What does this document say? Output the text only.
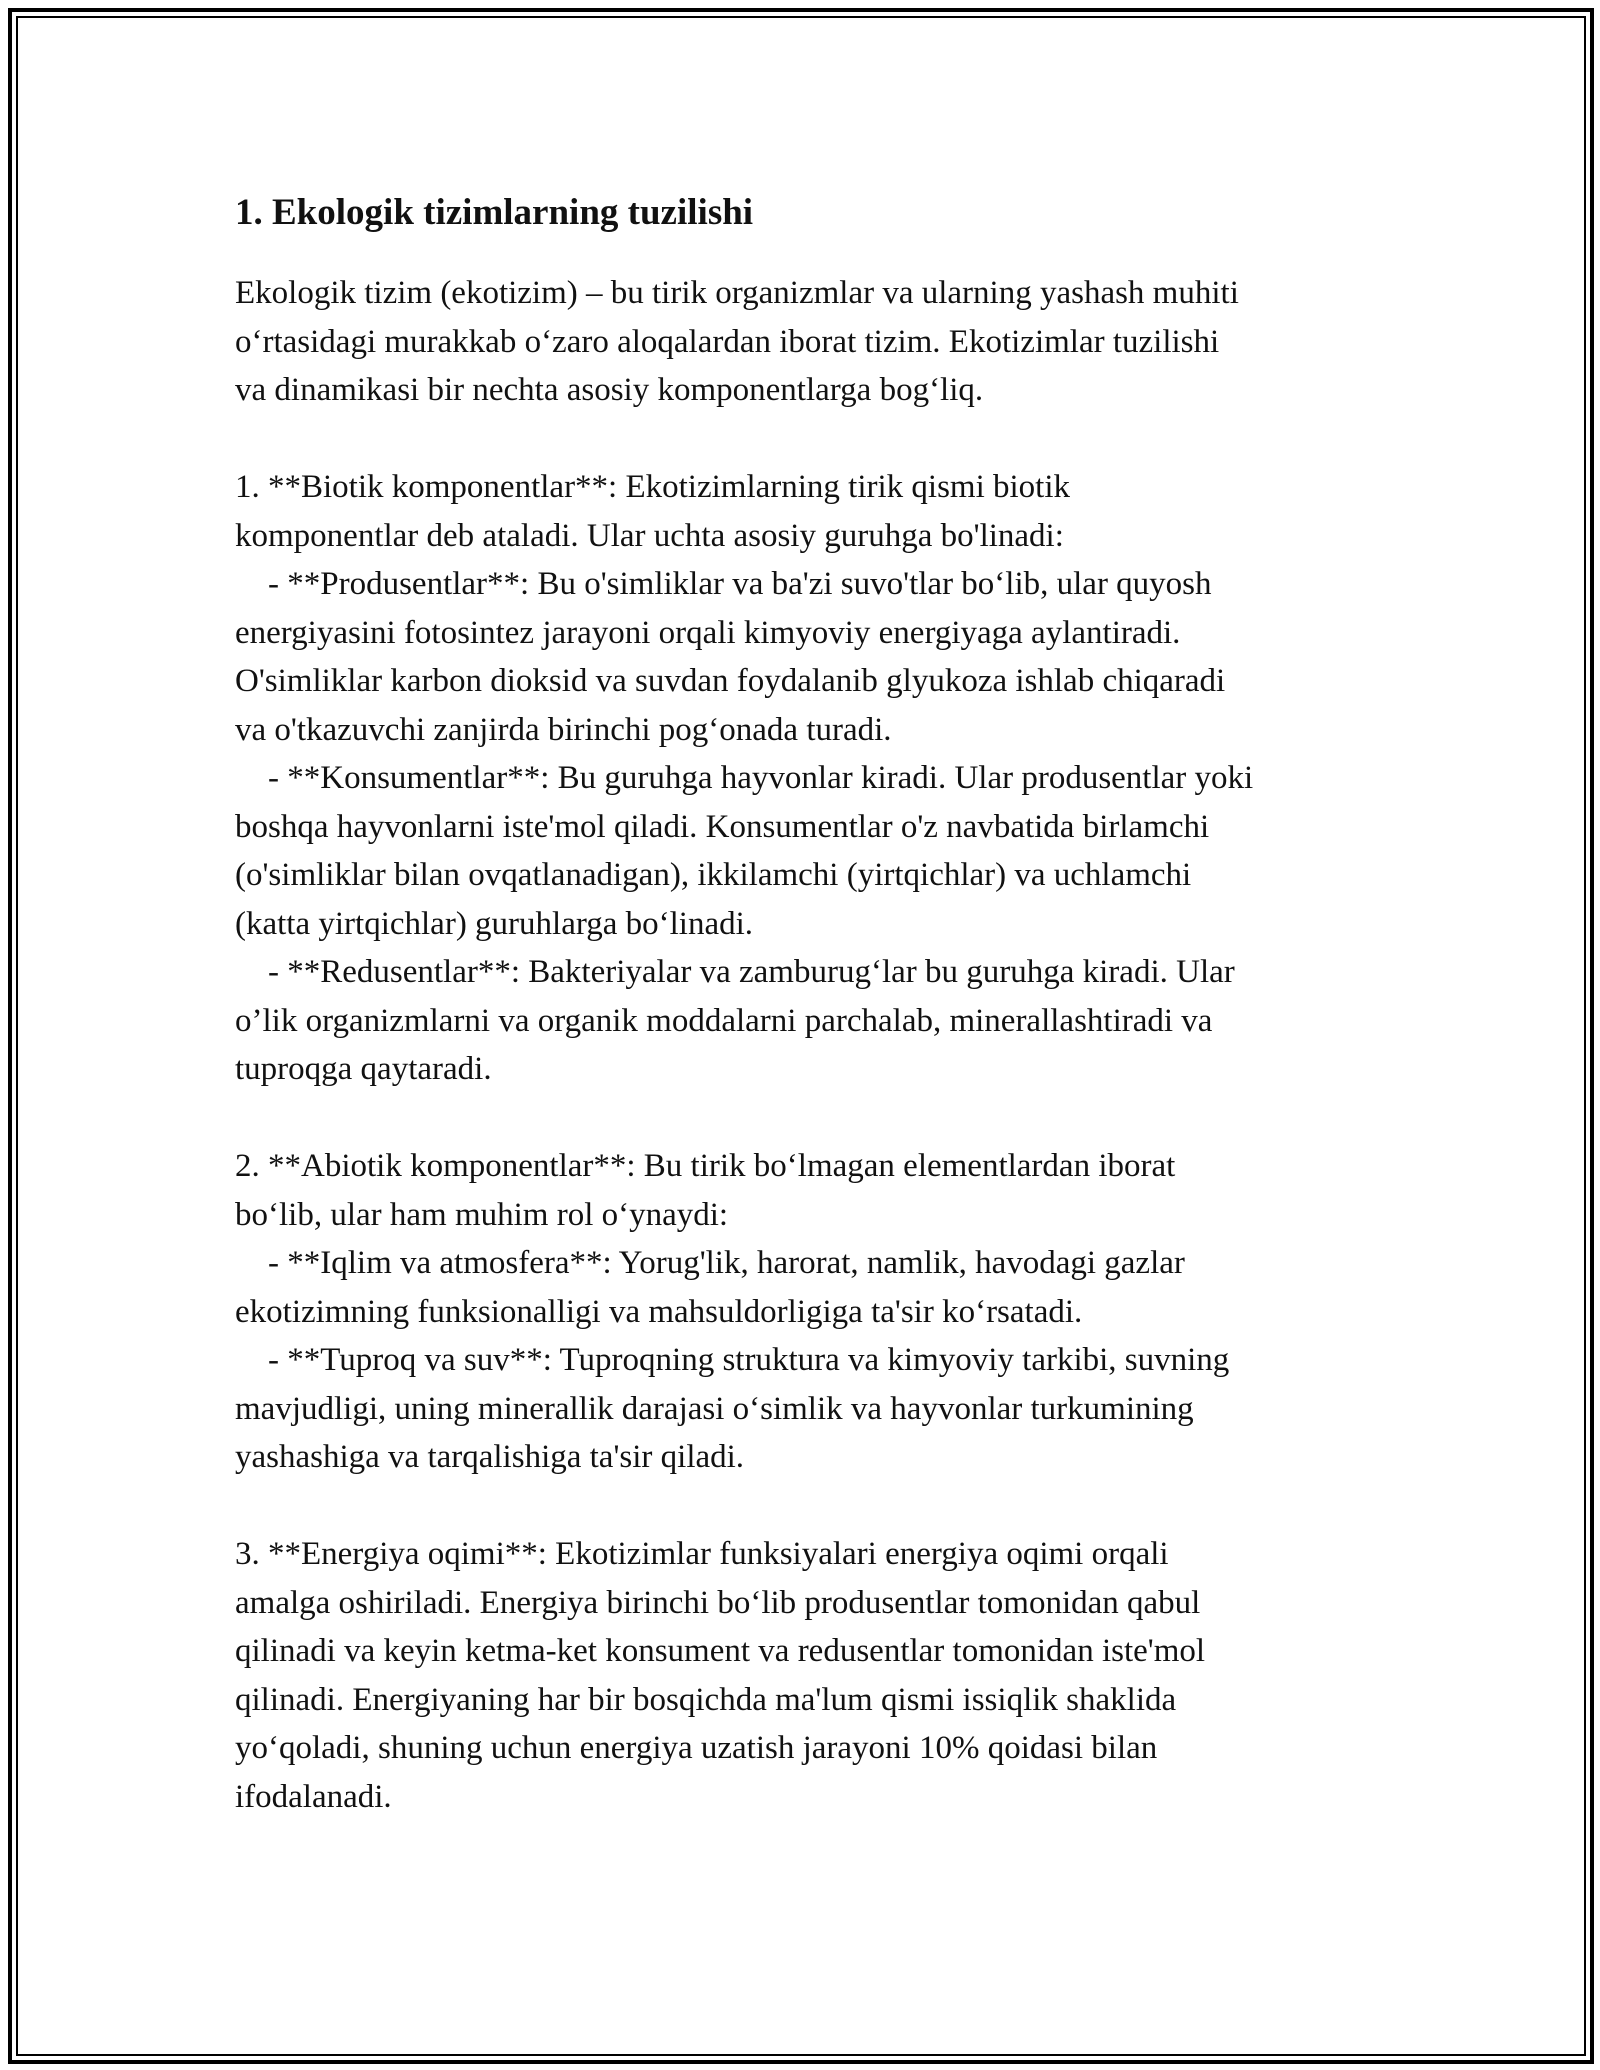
1. Ekologik tizimlarning tuzilishi
Ekologik tizim (ekotizim) – bu tirik organizmlar va ularning yashash muhiti
o‘rtasidagi murakkab o‘zaro aloqalardan iborat tizim. Ekotizimlar tuzilishi
va dinamikasi bir nechta asosiy komponentlarga bog‘liq.
1. **Biotik komponentlar**: Ekotizimlarning tirik qismi biotik
komponentlar deb ataladi. Ular uchta asosiy guruhga bo'linadi:
- **Produsentlar**: Bu o'simliklar va ba'zi suvo'tlar bo‘lib, ular quyosh
energiyasini fotosintez jarayoni orqali kimyoviy energiyaga aylantiradi.
O'simliklar karbon dioksid va suvdan foydalanib glyukoza ishlab chiqaradi
va o'tkazuvchi zanjirda birinchi pog‘onada turadi.
- **Konsumentlar**: Bu guruhga hayvonlar kiradi. Ular produsentlar yoki
boshqa hayvonlarni iste'mol qiladi. Konsumentlar o'z navbatida birlamchi
(o'simliklar bilan ovqatlanadigan), ikkilamchi (yirtqichlar) va uchlamchi
(katta yirtqichlar) guruhlarga bo‘linadi.
- **Redusentlar**: Bakteriyalar va zamburug‘lar bu guruhga kiradi. Ular
o’lik organizmlarni va organik moddalarni parchalab, minerallashtiradi va
tuproqga qaytaradi.
2. **Abiotik komponentlar**: Bu tirik bo‘lmagan elementlardan iborat
bo‘lib, ular ham muhim rol o‘ynaydi:
- **Iqlim va atmosfera**: Yorug'lik, harorat, namlik, havodagi gazlar
ekotizimning funksionalligi va mahsuldorligiga ta'sir ko‘rsatadi.
- **Tuproq va suv**: Tuproqning struktura va kimyoviy tarkibi, suvning
mavjudligi, uning minerallik darajasi o‘simlik va hayvonlar turkumining
yashashiga va tarqalishiga ta'sir qiladi.
3. **Energiya oqimi**: Ekotizimlar funksiyalari energiya oqimi orqali
amalga oshiriladi. Energiya birinchi bo‘lib produsentlar tomonidan qabul
qilinadi va keyin ketma-ket konsument va redusentlar tomonidan iste'mol
qilinadi. Energiyaning har bir bosqichda ma'lum qismi issiqlik shaklida
yo‘qoladi, shuning uchun energiya uzatish jarayoni 10% qoidasi bilan
ifodalanadi.
